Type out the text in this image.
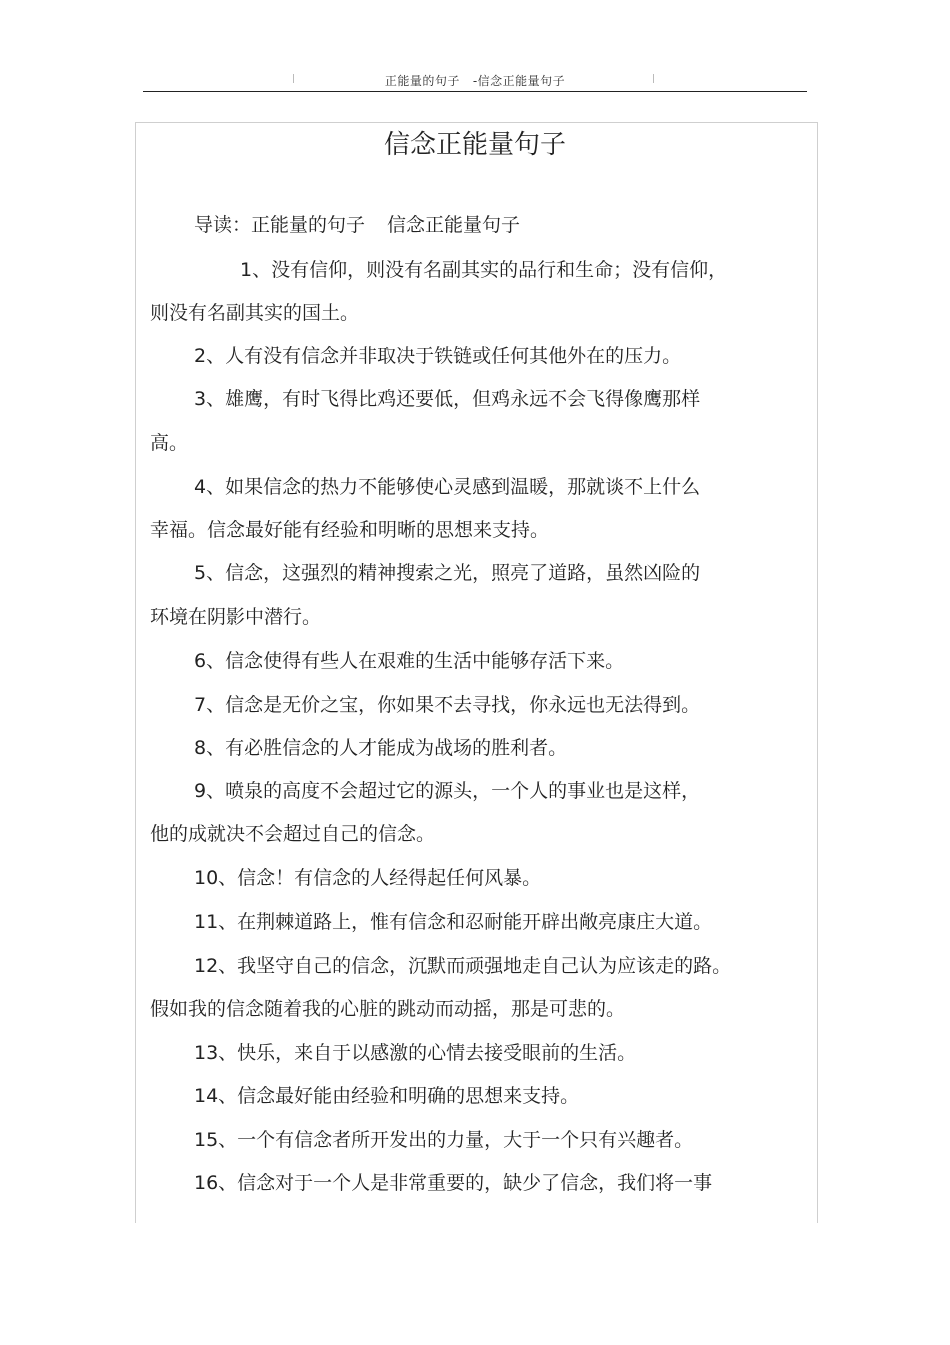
正能量的句子 -信念正能量句子
信念正能量句子
导读：正能量的句子 信念正能量句子
1、没有信仰，则没有名副其实的品行和生命；没有信仰，
则没有名副其实的国土。
2、人有没有信念并非取决于铁链或任何其他外在的压力。
3、雄鹰，有时飞得比鸡还要低，但鸡永远不会飞得像鹰那样
高。
4、如果信念的热力不能够使心灵感到温暖，那就谈不上什么
幸福。信念最好能有经验和明晰的思想来支持。
5、信念，这强烈的精神搜索之光，照亮了道路，虽然凶险的
环境在阴影中潜行。
6、信念使得有些人在艰难的生活中能够存活下来。
7、信念是无价之宝，你如果不去寻找，你永远也无法得到。
8、有必胜信念的人才能成为战场的胜利者。
9、喷泉的高度不会超过它的源头，一个人的事业也是这样，
他的成就决不会超过自己的信念。
10、信念！有信念的人经得起任何风暴。
11、在荆棘道路上，惟有信念和忍耐能开辟出敞亮康庄大道。
12、我坚守自己的信念，沉默而顽强地走自己认为应该走的路。
假如我的信念随着我的心脏的跳动而动摇，那是可悲的。
13、快乐，来自于以感激的心情去接受眼前的生活。
14、信念最好能由经验和明确的思想来支持。
15、一个有信念者所开发出的力量，大于一个只有兴趣者。
16、信念对于一个人是非常重要的，缺少了信念，我们将一事
